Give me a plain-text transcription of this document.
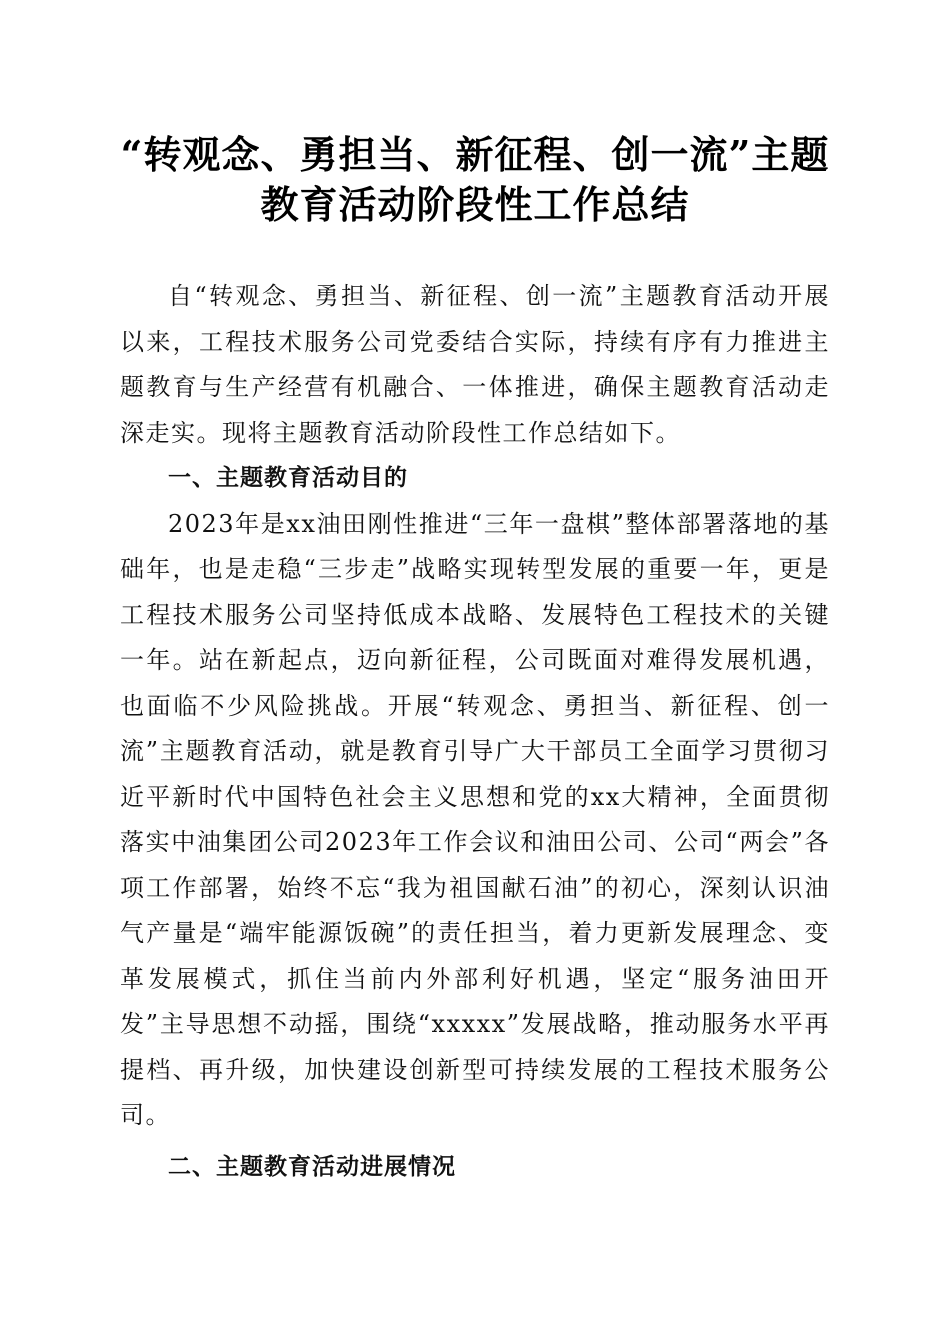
“转观念、勇担当、新征程、创一流”主题教育活动阶段性工作总结

自“转观念、勇担当、新征程、创一流”主题教育活动开展以来，工程技术服务公司党委结合实际，持续有序有力推进主题教育与生产经营有机融合、一体推进，确保主题教育活动走深走实。现将主题教育活动阶段性工作总结如下。

一、主题教育活动目的

2023年是xx油田刚性推进“三年一盘棋”整体部署落地的基础年，也是走稳“三步走”战略实现转型发展的重要一年，更是工程技术服务公司坚持低成本战略、发展特色工程技术的关键一年。站在新起点，迈向新征程，公司既面对难得发展机遇，也面临不少风险挑战。开展“转观念、勇担当、新征程、创一流”主题教育活动，就是教育引导广大干部员工全面学习贯彻习近平新时代中国特色社会主义思想和党的xx大精神，全面贯彻落实中油集团公司2023年工作会议和油田公司、公司“两会”各项工作部署，始终不忘“我为祖国献石油”的初心，深刻认识油气产量是“端牢能源饭碗”的责任担当，着力更新发展理念、变革发展模式，抓住当前内外部利好机遇，坚定“服务油田开发”主导思想不动摇，围绕“xxxxx”发展战略，推动服务水平再提档、再升级，加快建设创新型可持续发展的工程技术服务公司。

二、主题教育活动进展情况
